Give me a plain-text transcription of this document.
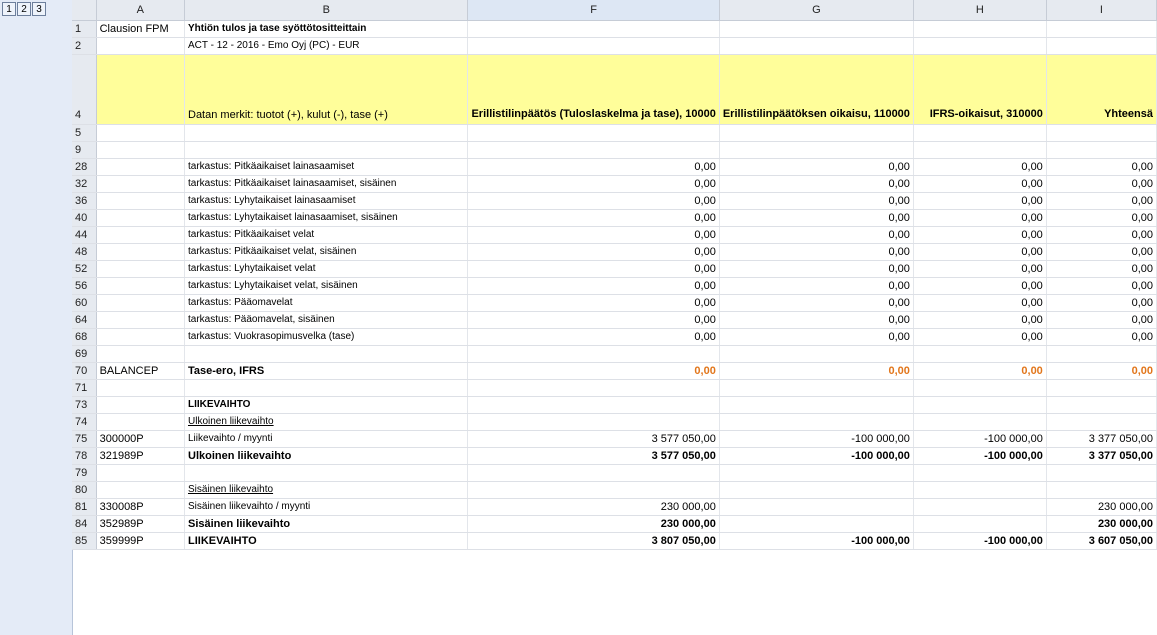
1 2 3
		A	B	F	G	H	I
1	Clausion FPM	Yhtiön tulos ja tase syöttötositteittain				
2		ACT - 12 - 2016 - Emo Oyj (PC) - EUR				
4		Datan merkit: tuotot (+), kulut (-), tase (+)	Erillistilinpäätös (Tuloslaskelma ja tase), 10000	Erillistilinpäätöksen oikaisu, 110000	IFRS-oikaisut, 310000	Yhteensä
5						
9						
28		tarkastus: Pitkäaikaiset lainasaamiset	0,00	0,00	0,00	0,00
32		tarkastus: Pitkäaikaiset lainasaamiset, sisäinen	0,00	0,00	0,00	0,00
36		tarkastus: Lyhytaikaiset lainasaamiset	0,00	0,00	0,00	0,00
40		tarkastus: Lyhytaikaiset lainasaamiset, sisäinen	0,00	0,00	0,00	0,00
44		tarkastus: Pitkäaikaiset velat	0,00	0,00	0,00	0,00
48		tarkastus: Pitkäaikaiset velat, sisäinen	0,00	0,00	0,00	0,00
52		tarkastus: Lyhytaikaiset velat	0,00	0,00	0,00	0,00
56		tarkastus: Lyhytaikaiset velat, sisäinen	0,00	0,00	0,00	0,00
60		tarkastus: Pääomavelat	0,00	0,00	0,00	0,00
64		tarkastus: Pääomavelat, sisäinen	0,00	0,00	0,00	0,00
68		tarkastus: Vuokrasopimusvelka (tase)	0,00	0,00	0,00	0,00
69						
70	BALANCEP	Tase-ero, IFRS	0,00	0,00	0,00	0,00
71						
73		LIIKEVAIHTO				
74		Ulkoinen liikevaihto				
75	300000P	Liikevaihto / myynti	3 577 050,00	-100 000,00	-100 000,00	3 377 050,00
78	321989P	Ulkoinen liikevaihto	3 577 050,00	-100 000,00	-100 000,00	3 377 050,00
79						
80		Sisäinen liikevaihto				
81	330008P	Sisäinen liikevaihto / myynti	230 000,00			230 000,00
84	352989P	Sisäinen liikevaihto	230 000,00			230 000,00
85	359999P	LIIKEVAIHTO	3 807 050,00	-100 000,00	-100 000,00	3 607 050,00
